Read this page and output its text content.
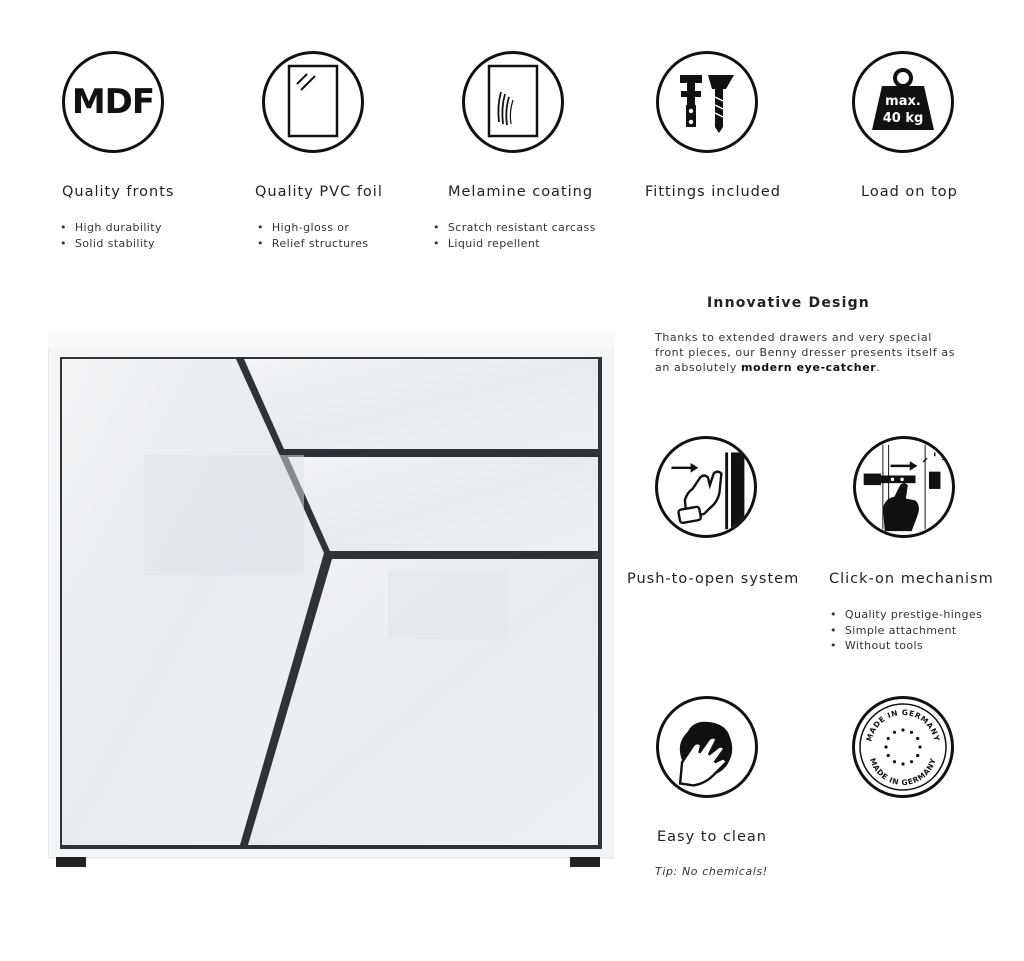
MDF
Quality fronts
• High durability
• Solid stability
Quality PVC foil
• High-gloss or
• Relief structures
Melamine coating
• Scratch resistant carcass
• Liquid repellent
Fittings included
max.
40 kg
Load on top
Innovative Design
Thanks to extended drawers and very special front pieces, our Benny dresser presents itself as an absolutely modern eye-catcher.
Push-to-open system Click-on mechanism
• Quality prestige-hinges
• Simple attachment
• Without tools
Easy to clean
Tip: No chemicals!
MADE IN GERMANY
MADE IN GERMANY
